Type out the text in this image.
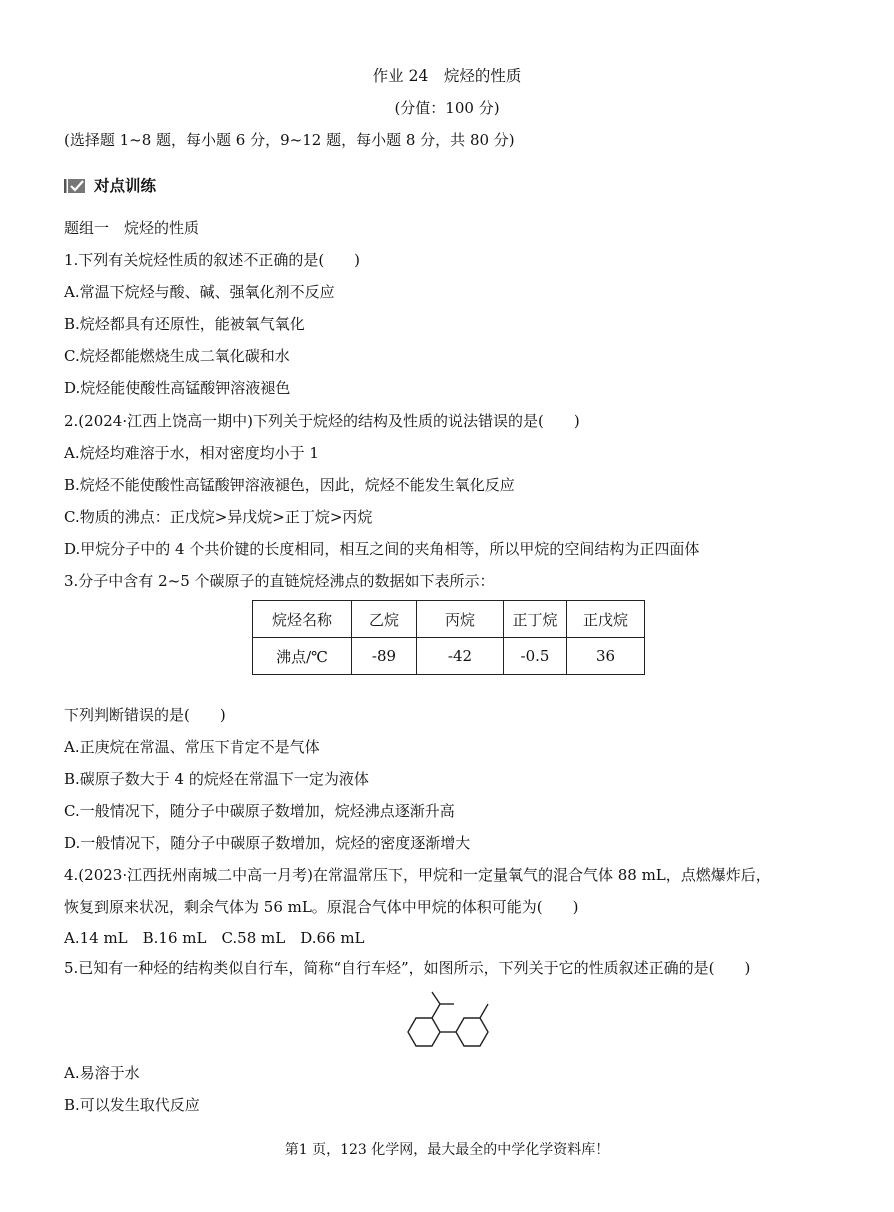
作业 24　烷烃的性质
(分值：100 分)
(选择题 1~8 题，每小题 6 分，9~12 题，每小题 8 分，共 80 分)
对点训练
题组一　烷烃的性质
1.下列有关烷烃性质的叙述不正确的是(　　)
A.常温下烷烃与酸、碱、强氧化剂不反应
B.烷烃都具有还原性，能被氧气氧化
C.烷烃都能燃烧生成二氧化碳和水
D.烷烃能使酸性高锰酸钾溶液褪色
2.(2024·江西上饶高一期中)下列关于烷烃的结构及性质的说法错误的是(　　)
A.烷烃均难溶于水，相对密度均小于 1
B.烷烃不能使酸性高锰酸钾溶液褪色，因此，烷烃不能发生氧化反应
C.物质的沸点：正戊烷>异戊烷>正丁烷>丙烷
D.甲烷分子中的 4 个共价键的长度相同，相互之间的夹角相等，所以甲烷的空间结构为正四面体
3.分子中含有 2~5 个碳原子的直链烷烃沸点的数据如下表所示：
烷烃名称	乙烷	丙烷	正丁烷	正戊烷
沸点/℃	-89	-42	-0.5	36
下列判断错误的是(　　)
A.正庚烷在常温、常压下肯定不是气体
B.碳原子数大于 4 的烷烃在常温下一定为液体
C.一般情况下，随分子中碳原子数增加，烷烃沸点逐渐升高
D.一般情况下，随分子中碳原子数增加，烷烃的密度逐渐增大
4.(2023·江西抚州南城二中高一月考)在常温常压下，甲烷和一定量氧气的混合气体 88 mL，点燃爆炸后，
恢复到原来状况，剩余气体为 56 mL。原混合气体中甲烷的体积可能为(　　)
A.14 mL　B.16 mL　C.58 mL　D.66 mL
5.已知有一种烃的结构类似自行车，简称“自行车烃”，如图所示，下列关于它的性质叙述正确的是(　　)
A.易溶于水
B.可以发生取代反应
第1 页，123 化学网，最大最全的中学化学资料库！
